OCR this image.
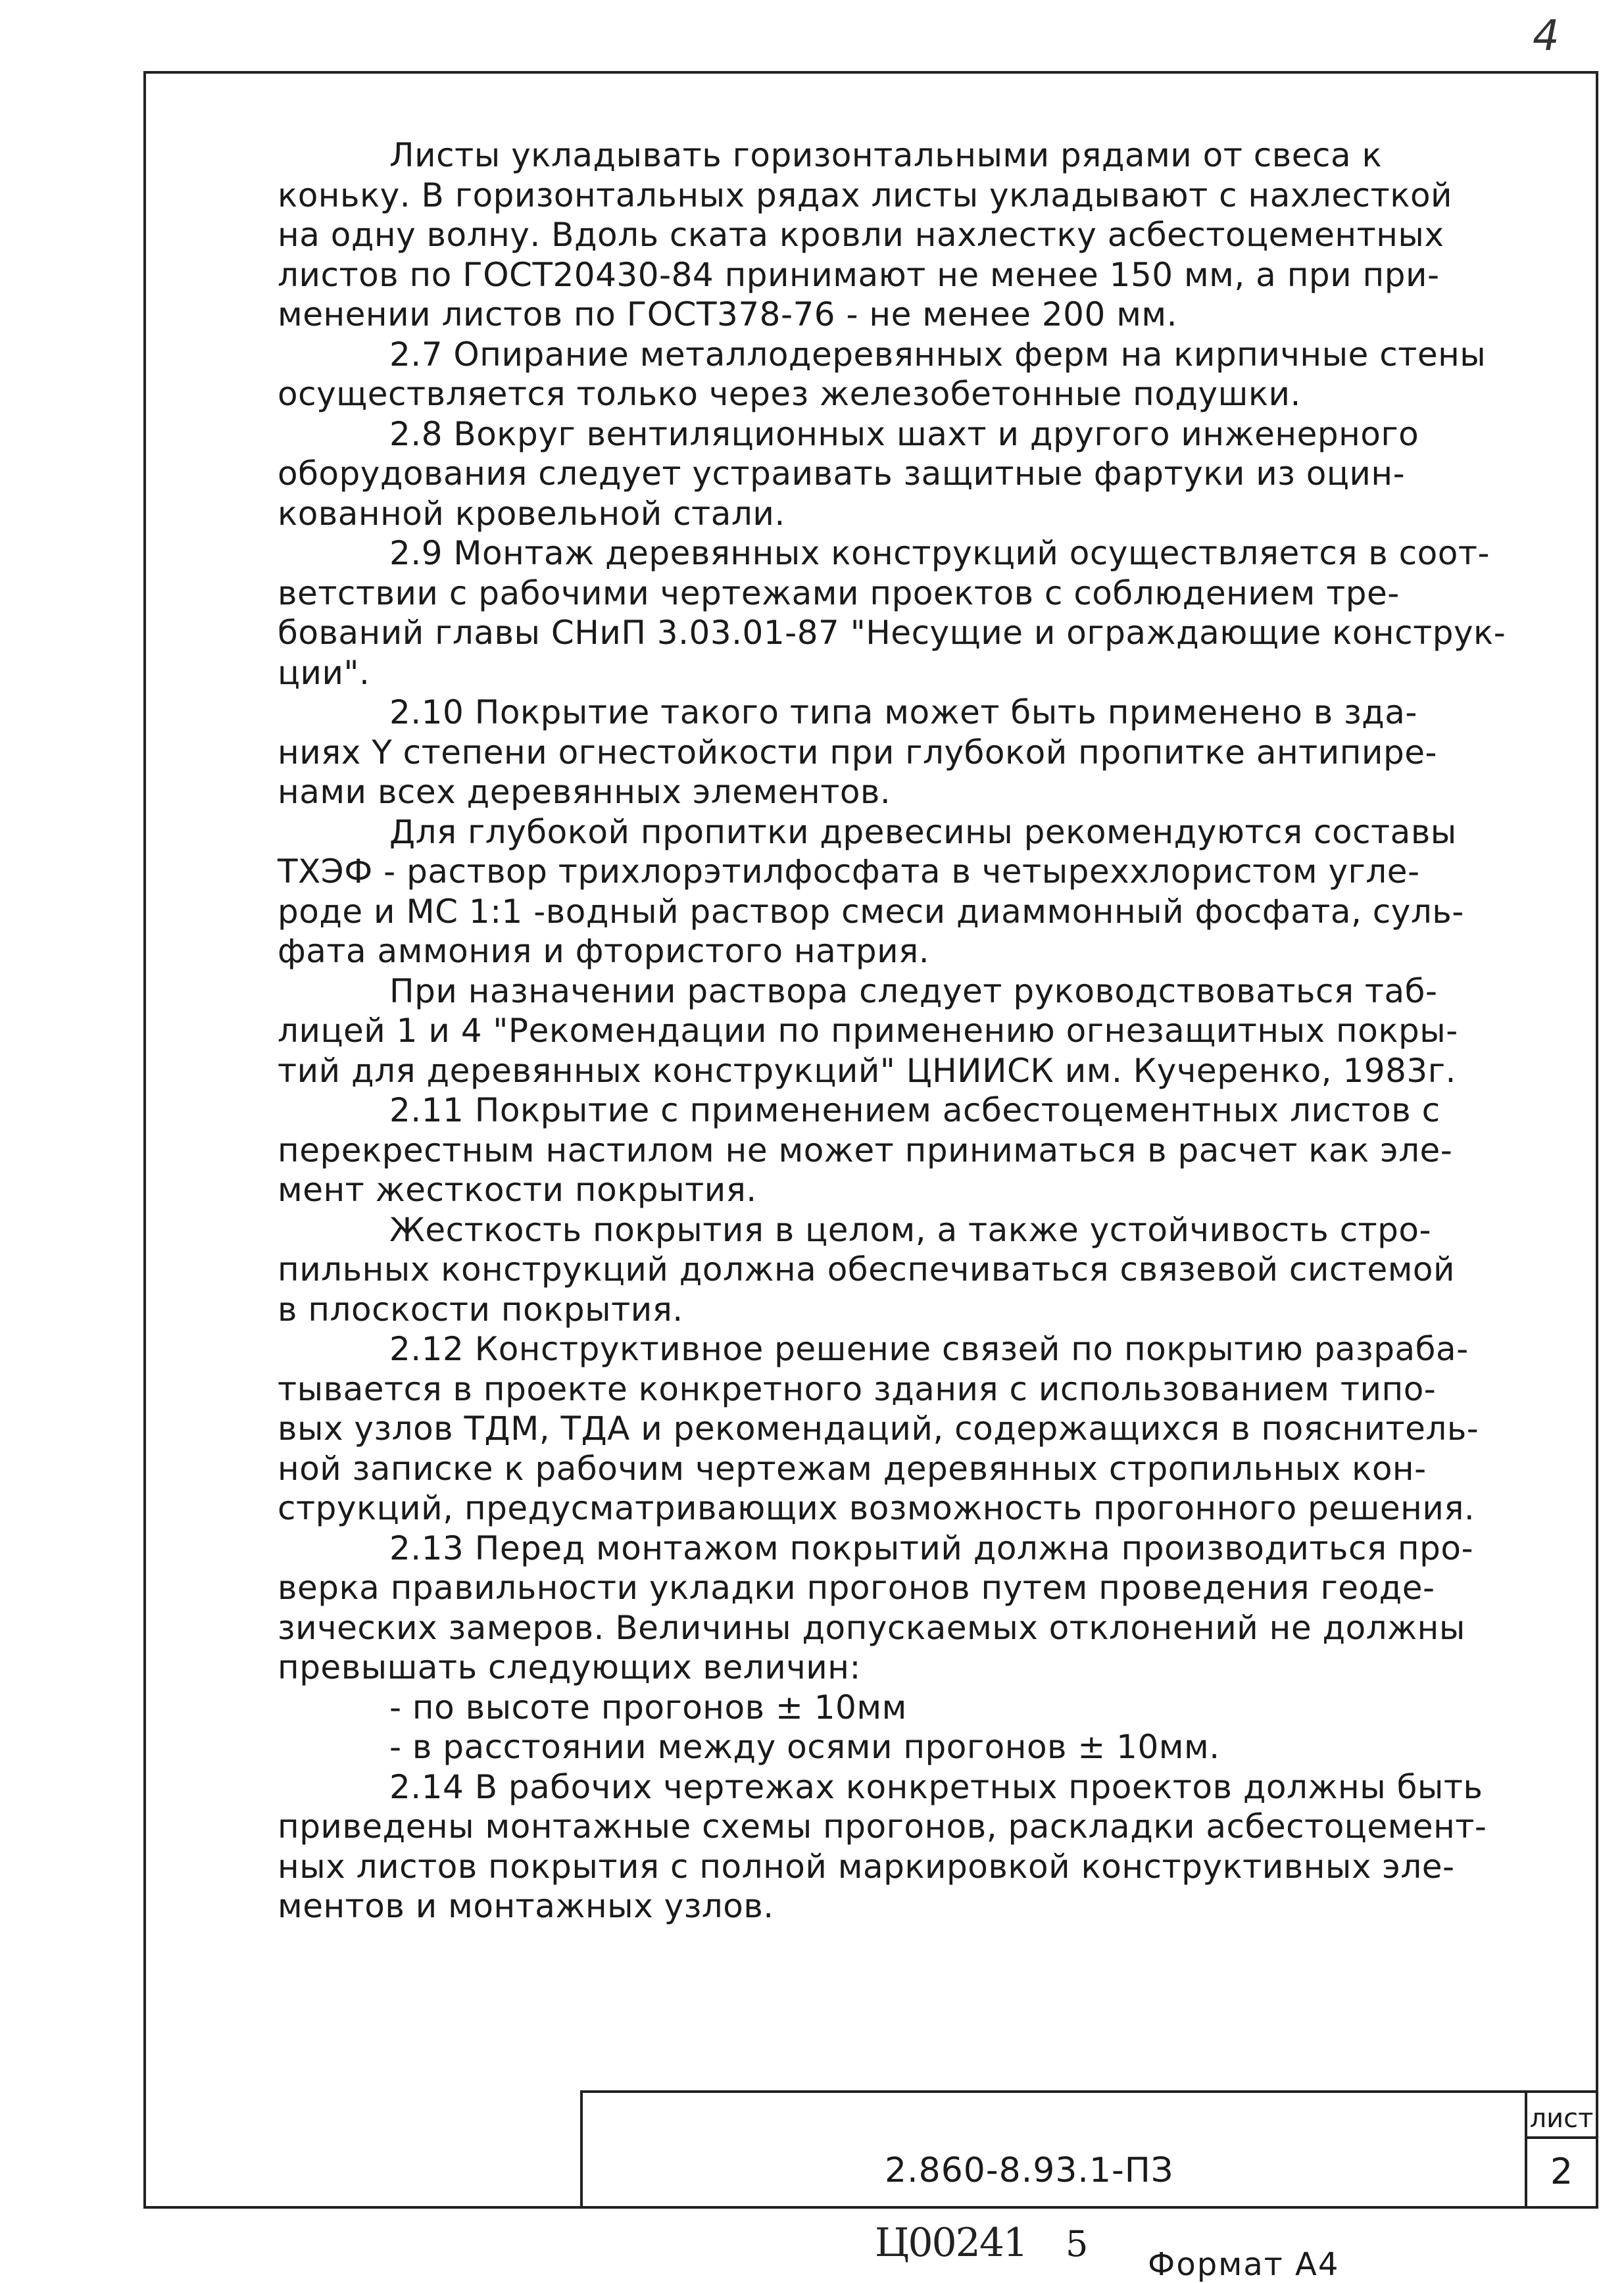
4
Листы укладывать горизонтальными рядами от свеса к
коньку. В горизонтальных рядах листы укладывают с нахлесткой
на одну волну. Вдоль ската кровли нахлестку асбестоцементных
листов по ГОСТ20430-84 принимают не менее 150 мм, а при при-
менении листов по ГОСТ378-76 - не менее 200 мм.
2.7 Опирание металлодеревянных ферм на кирпичные стены
осуществляется только через железобетонные подушки.
2.8 Вокруг вентиляционных шахт и другого инженерного
оборудования следует устраивать защитные фартуки из оцин-
кованной кровельной стали.
2.9 Монтаж деревянных конструкций осуществляется в соот-
ветствии с рабочими чертежами проектов с соблюдением тре-
бований главы СНиП 3.03.01-87 "Несущие и ограждающие конструк-
ции".
2.10 Покрытие такого типа может быть применено в зда-
ниях Y степени огнестойкости при глубокой пропитке антипире-
нами всех деревянных элементов.
Для глубокой пропитки древесины рекомендуются составы
ТХЭФ - раствор трихлорэтилфосфата в четыреххлористом угле-
роде и МС 1:1 -водный раствор смеси диаммонный фосфата, суль-
фата аммония и фтористого натрия.
При назначении раствора следует руководствоваться таб-
лицей 1 и 4 "Рекомендации по применению огнезащитных покры-
тий для деревянных конструкций" ЦНИИСК им. Кучеренко, 1983г.
2.11 Покрытие с применением асбестоцементных листов с
перекрестным настилом не может приниматься в расчет как эле-
мент жесткости покрытия.
Жесткость покрытия в целом, а также устойчивость стро-
пильных конструкций должна обеспечиваться связевой системой
в плоскости покрытия.
2.12 Конструктивное решение связей по покрытию разраба-
тывается в проекте конкретного здания с использованием типо-
вых узлов ТДМ, ТДА и рекомендаций, содержащихся в пояснитель-
ной записке к рабочим чертежам деревянных стропильных кон-
струкций, предусматривающих возможность прогонного решения.
2.13 Перед монтажом покрытий должна производиться про-
верка правильности укладки прогонов путем проведения геоде-
зических замеров. Величины допускаемых отклонений не должны
превышать следующих величин:
- по высоте прогонов ± 10мм
- в расстоянии между осями прогонов ± 10мм.
2.14 В рабочих чертежах конкретных проектов должны быть
приведены монтажные схемы прогонов, раскладки асбестоцемент-
ных листов покрытия с полной маркировкой конструктивных эле-
ментов и монтажных узлов.
2.860-8.93.1-ПЗ
лист
2
Ц00241 5 Формат А4
